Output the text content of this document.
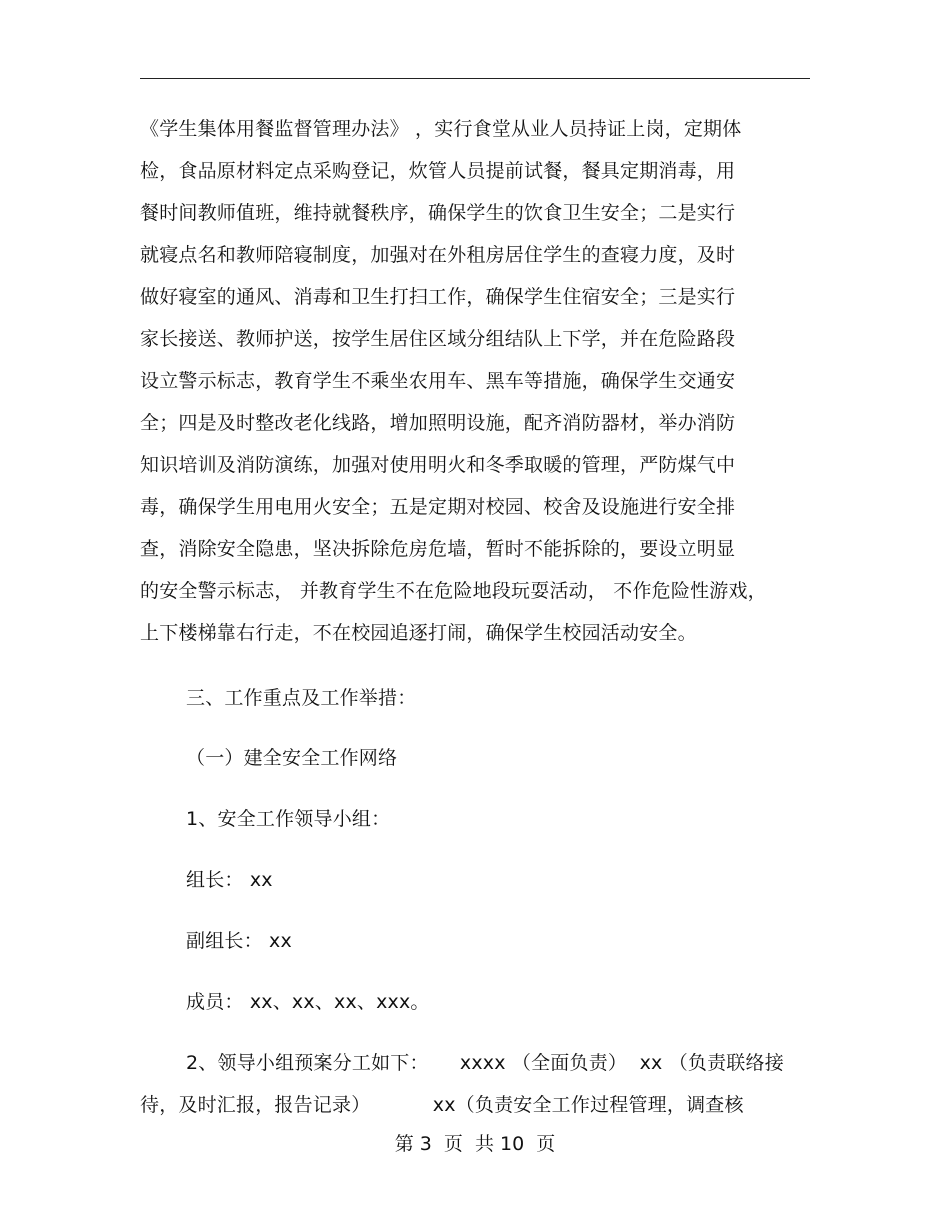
《学生集体用餐监督管理办法》 ，实行食堂从业人员持证上岗，定期体
检，食品原材料定点采购登记，炊管人员提前试餐，餐具定期消毒，用
餐时间教师值班，维持就餐秩序，确保学生的饮食卫生安全；二是实行
就寝点名和教师陪寝制度，加强对在外租房居住学生的查寝力度，及时
做好寝室的通风、消毒和卫生打扫工作，确保学生住宿安全；三是实行
家长接送、教师护送，按学生居住区域分组结队上下学，并在危险路段
设立警示标志，教育学生不乘坐农用车、黑车等措施，确保学生交通安
全；四是及时整改老化线路，增加照明设施，配齐消防器材，举办消防
知识培训及消防演练，加强对使用明火和冬季取暖的管理，严防煤气中
毒，确保学生用电用火安全；五是定期对校园、校舍及设施进行安全排
查，消除安全隐患，坚决拆除危房危墙，暂时不能拆除的，要设立明显
的安全警示标志， 并教育学生不在危险地段玩耍活动， 不作危险性游戏，
上下楼梯靠右行走，不在校园追逐打闹，确保学生校园活动安全。
三、工作重点及工作举措：
（一）建全安全工作网络
1、安全工作领导小组：
组长： xx
副组长： xx
成员： xx、xx、xx、xxx。
2、领导小组预案分工如下：     xxxx （全面负责）  xx （负责联络接
待，及时汇报，报告记录）          xx（负责安全工作过程管理，调查核
第 3  页  共 10  页
